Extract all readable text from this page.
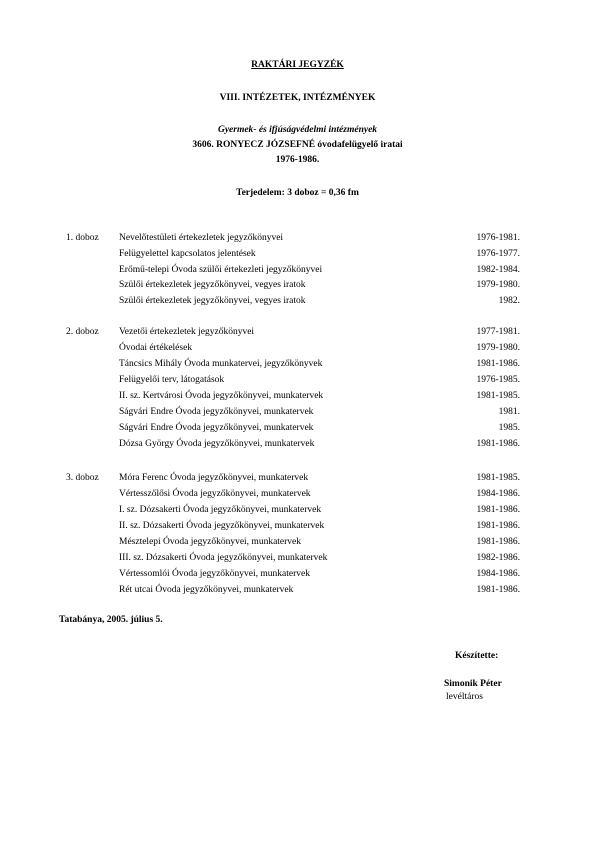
RAKTÁRI JEGYZÉK
VIII. INTÉZETEK, INTÉZMÉNYEK
Gyermek- és ifjúságvédelmi intézmények
3606. RONYECZ JÓZSEFNÉ óvodafelügyelő iratai
1976-1986.
Terjedelem: 3 doboz = 0,36 fm
1. doboz Nevelőtestületi értekezletek jegyzőkönyvei	1976-1981.
Felügyelettel kapcsolatos jelentések	1976-1977.
Erőmű-telepi Óvoda szülői értekezleti jegyzőkönyvei	1982-1984.
Szülői értekezletek jegyzőkönyvei, vegyes iratok	1979-1980.
Szülői értekezletek jegyzőkönyvei, vegyes iratok	1982.
2. doboz Vezetői értekezletek jegyzőkönyvei	1977-1981.
Óvodai értékelések	1979-1980.
Táncsics Mihály Óvoda munkatervei, jegyzőkönyvek	1981-1986.
Felügyelői terv, látogatások	1976-1985.
II. sz. Kertvárosi Óvoda jegyzőkönyvei, munkatervek	1981-1985.
Ságvári Endre Óvoda jegyzőkönyvei, munkatervek	1981.
Ságvári Endre Óvoda jegyzőkönyvei, munkatervek	1985.
Dózsa György Óvoda jegyzőkönyvei, munkatervek	1981-1986.
3. doboz Móra Ferenc Óvoda jegyzőkönyvei, munkatervek	1981-1985.
Vértesszőlősi Óvoda jegyzőkönyvei, munkatervek	1984-1986.
I. sz. Dózsakerti Óvoda jegyzőkönyvei, munkatervek	1981-1986.
II. sz. Dózsakerti Óvoda jegyzőkönyvei, munkatervek	1981-1986.
Mésztelepi Óvoda jegyzőkönyvei, munkatervek	1981-1986.
III. sz. Dózsakerti Óvoda jegyzőkönyvei, munkatervek	1982-1986.
Vértessomlói Óvoda jegyzőkönyvei, munkatervek	1984-1986.
Rét utcai Óvoda jegyzőkönyvei, munkatervek	1981-1986.
Tatabánya, 2005. július 5.
Készítette:
Simonik Péter
levéltáros
